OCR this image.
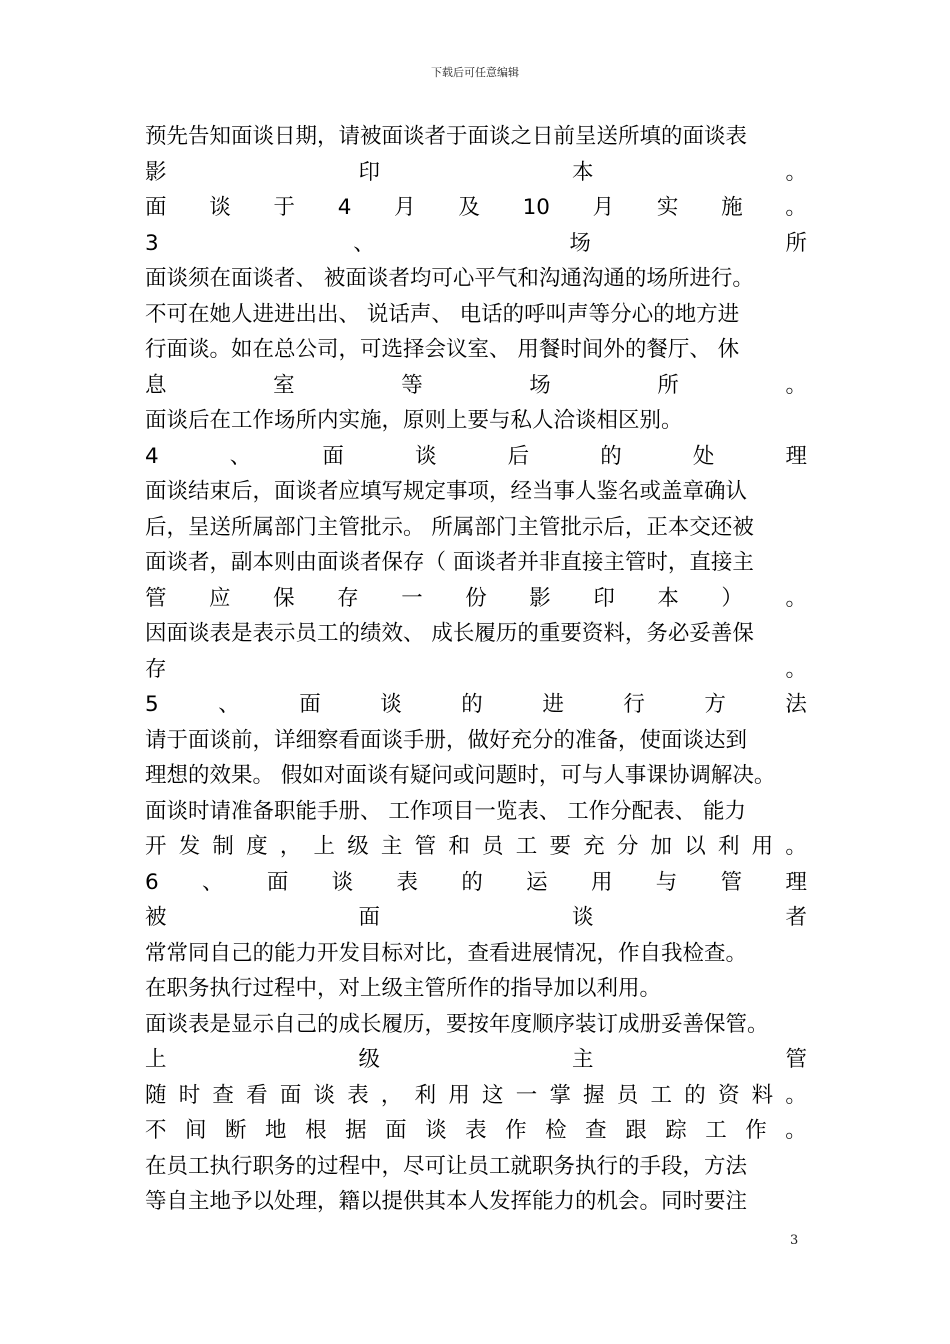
下载后可任意编辑
预先告知面谈日期，请被面谈者于面谈之日前呈送所填的面谈表
影	印	本	。
面 谈 于 4 月 及 10 月 实 施 。
3	、	场	所
面谈须在面谈者、 被面谈者均可心平气和沟通沟通的场所进行。
不可在她人进进出出、 说话声、 电话的呼叫声等分心的地方进
行面谈。如在总公司，可选择会议室、 用餐时间外的餐厅、 休
息	室	等	场	所	。
面谈后在工作场所内实施，原则上要与私人洽谈相区别。
4	、	面	谈	后	的	处	理
面谈结束后，面谈者应填写规定事项，经当事人鉴名或盖章确认
后，呈送所属部门主管批示。 所属部门主管批示后，正本交还被
面谈者，副本则由面谈者保存（ 面谈者并非直接主管时，直接主
管 应 保 存 一 份 影 印 本 ） 。
因面谈表是表示员工的绩效、 成长履历的重要资料，务必妥善保
存	。
5	、	面	谈	的	进	行	方	法
请于面谈前，详细察看面谈手册，做好充分的准备，使面谈达到
理想的效果。 假如对面谈有疑问或问题时，可与人事课协调解决。
面谈时请准备职能手册、 工作项目一览表、 工作分配表、 能力
开 发 制 度 ， 上 级 主 管 和 员 工 要 充 分 加 以 利 用 。
6 、 面 谈 表 的 运 用 与 管 理
被	面	谈	者
常常同自己的能力开发目标对比，查看进展情况，作自我检查。
在职务执行过程中，对上级主管所作的指导加以利用。
面谈表是显示自己的成长履历，要按年度顺序装订成册妥善保管。
上	级	主	管
随 时 查 看 面 谈 表 ， 利 用 这 一 掌 握 员 工 的 资 料 。
不 间 断 地 根 据 面 谈 表 作 检 查 跟 踪 工 作 。
在员工执行职务的过程中，尽可让员工就职务执行的手段，方法
等自主地予以处理，籍以提供其本人发挥能力的机会。同时要注
3
